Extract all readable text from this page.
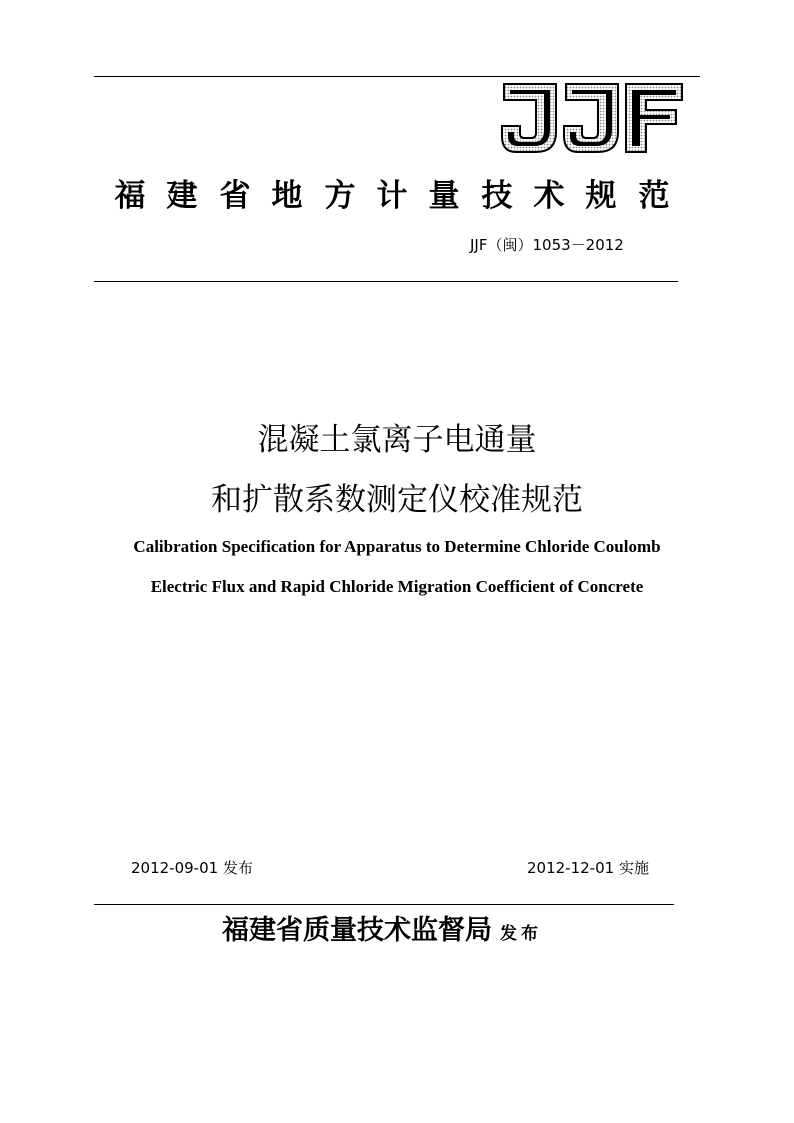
福 建 省 地 方 计 量 技 术 规 范
JJF（闽）1053－2012
混凝土氯离子电通量
和扩散系数测定仪校准规范
Calibration Specification for Apparatus to Determine Chloride Coulomb
Electric Flux and Rapid Chloride Migration Coefficient of Concrete
2012-09-01 发布	2012-12-01 实施
福建省质量技术监督局 发布
